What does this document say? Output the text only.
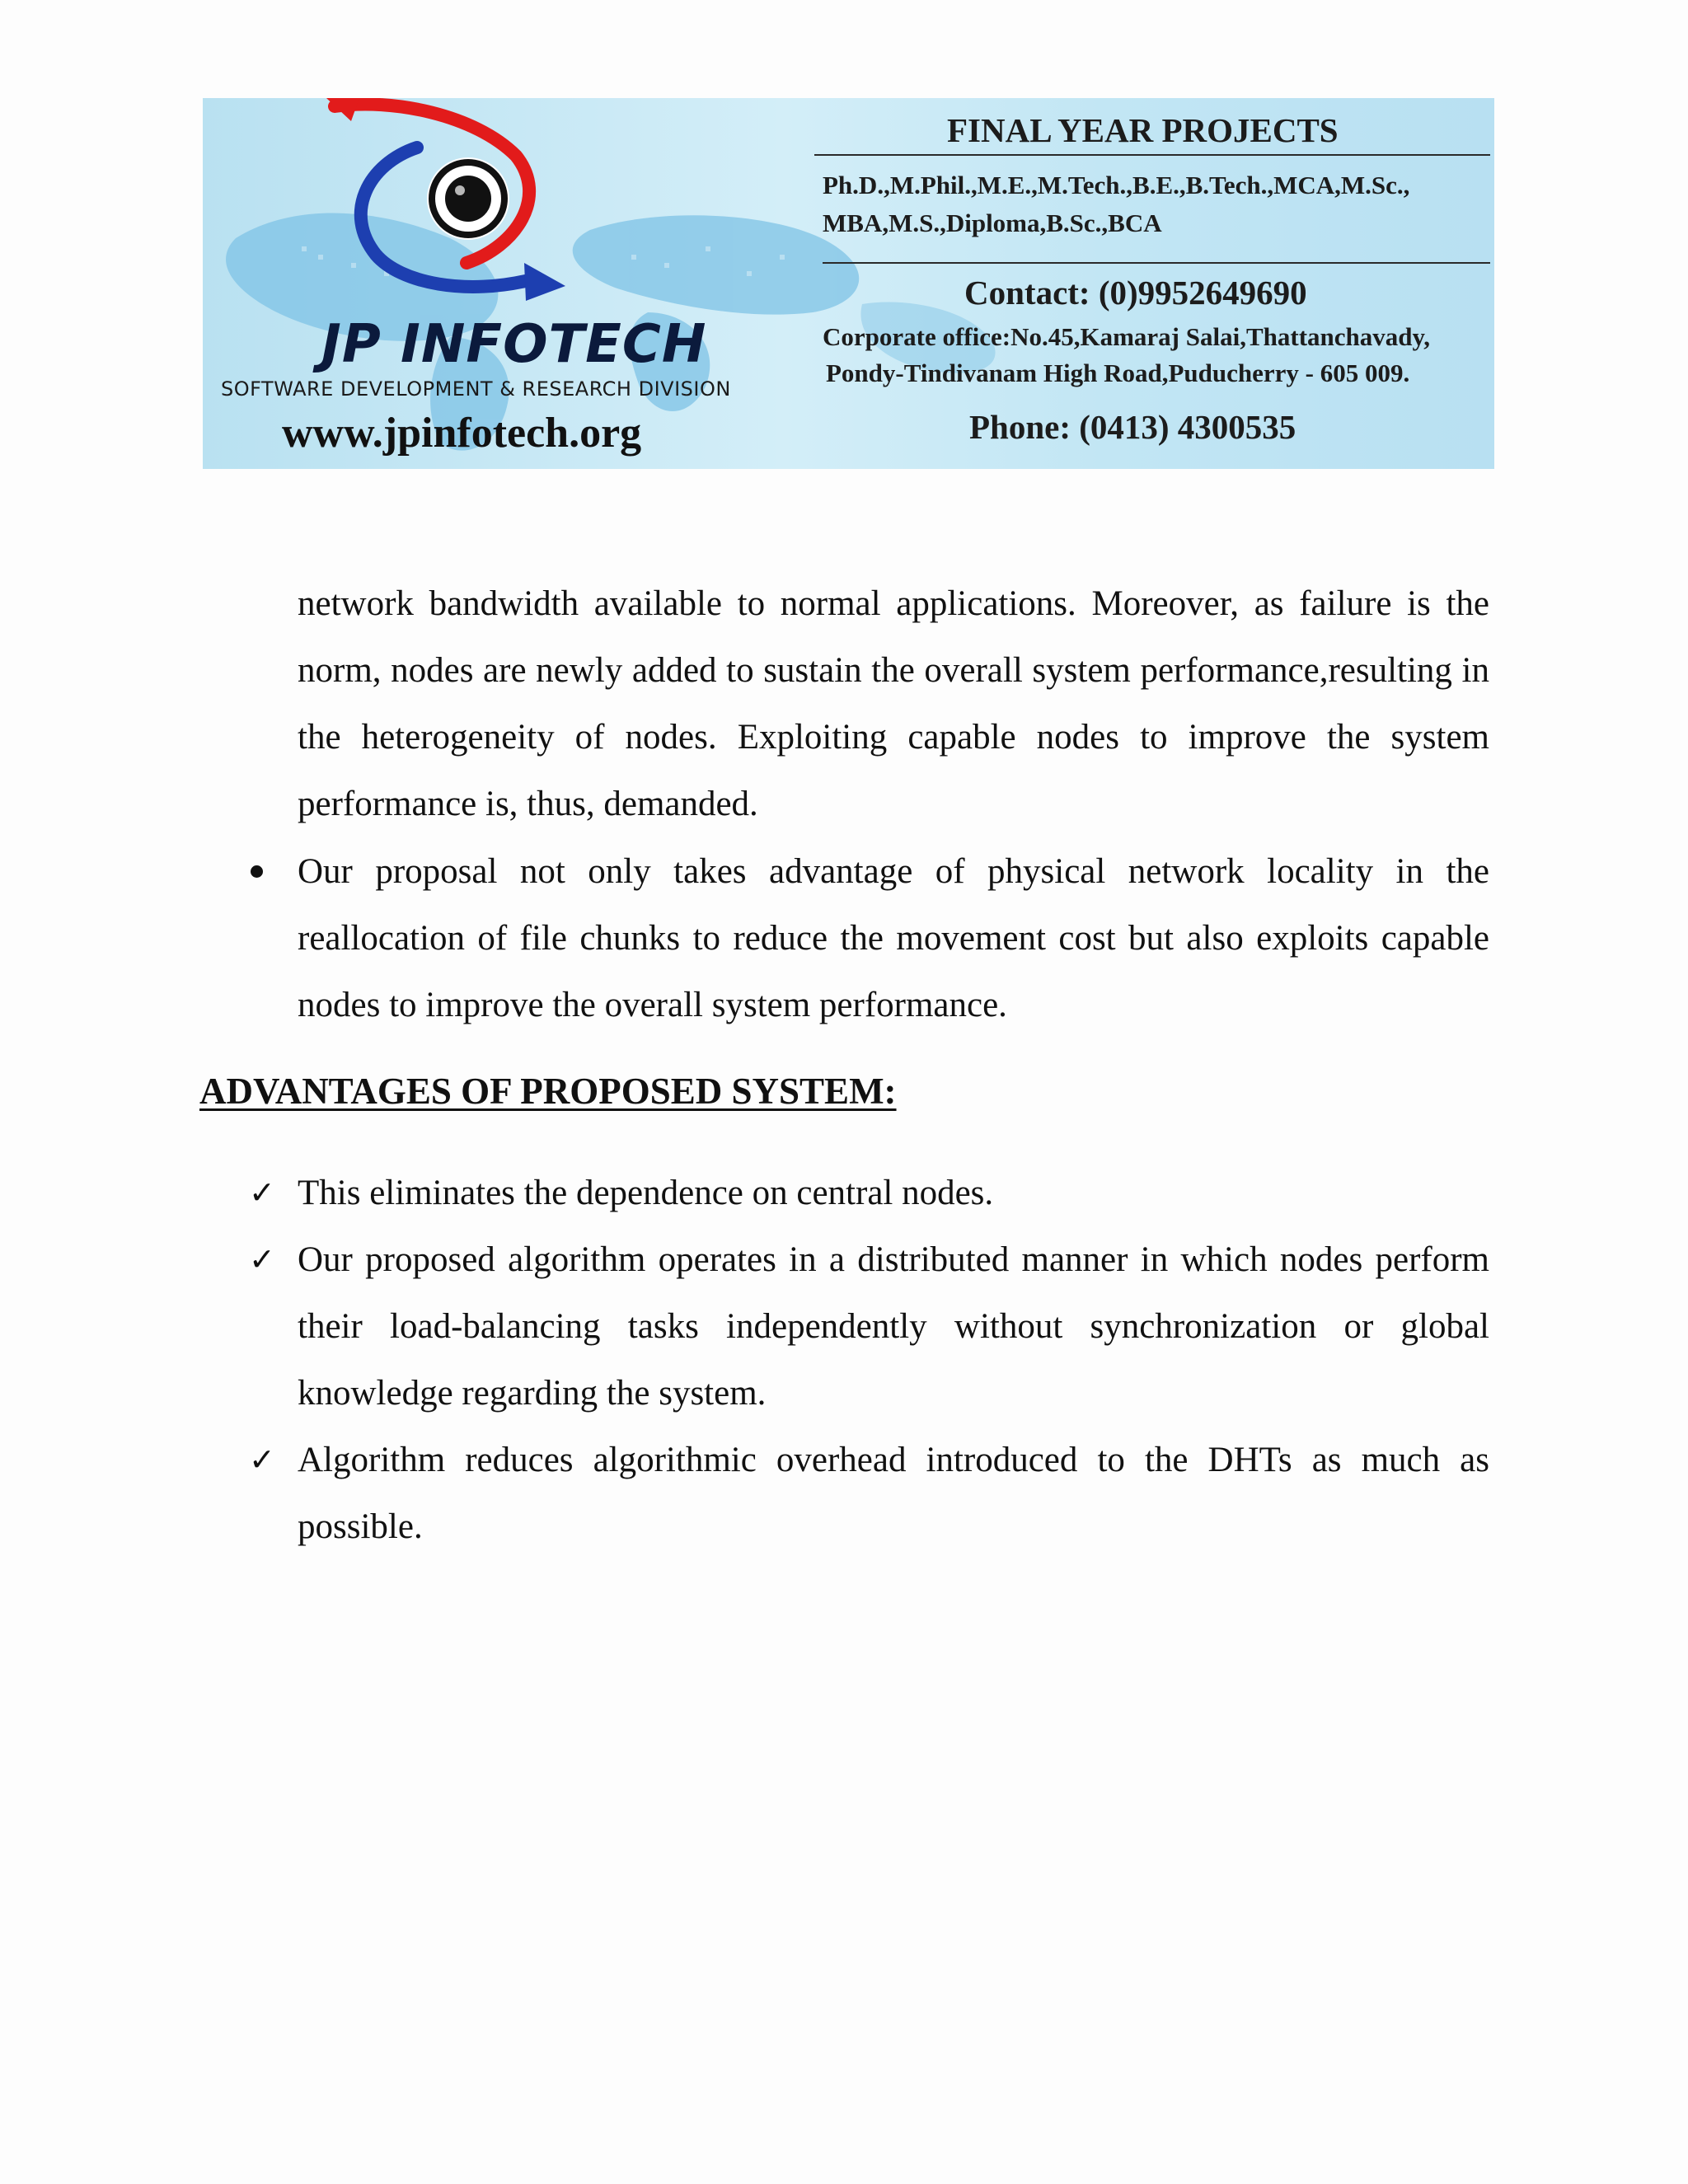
JP INFOTECH
SOFTWARE DEVELOPMENT & RESEARCH DIVISION
www.jpinfotech.org
FINAL YEAR PROJECTS
Ph.D.,M.Phil.,M.E.,M.Tech.,B.E.,B.Tech.,MCA,M.Sc.,
MBA,M.S.,Diploma,B.Sc.,BCA
Contact: (0)9952649690
Corporate office:No.45,Kamaraj Salai,Thattanchavady,
Pondy-Tindivanam High Road,Puducherry - 605 009.
Phone: (0413) 4300535

network bandwidth available to normal applications. Moreover, as failure is the norm, nodes are newly added to sustain the overall system performance,resulting in the heterogeneity of nodes. Exploiting capable nodes to improve the system performance is, thus, demanded.

Our proposal not only takes advantage of physical network locality in the reallocation of file chunks to reduce the movement cost but also exploits capable nodes to improve the overall system performance.

ADVANTAGES OF PROPOSED SYSTEM:
✓ This eliminates the dependence on central nodes.

✓ Our proposed algorithm operates in a distributed manner in which nodes perform their load-balancing tasks independently without synchronization or global knowledge regarding the system.

✓ Algorithm reduces algorithmic overhead introduced to the DHTs as much as possible.
